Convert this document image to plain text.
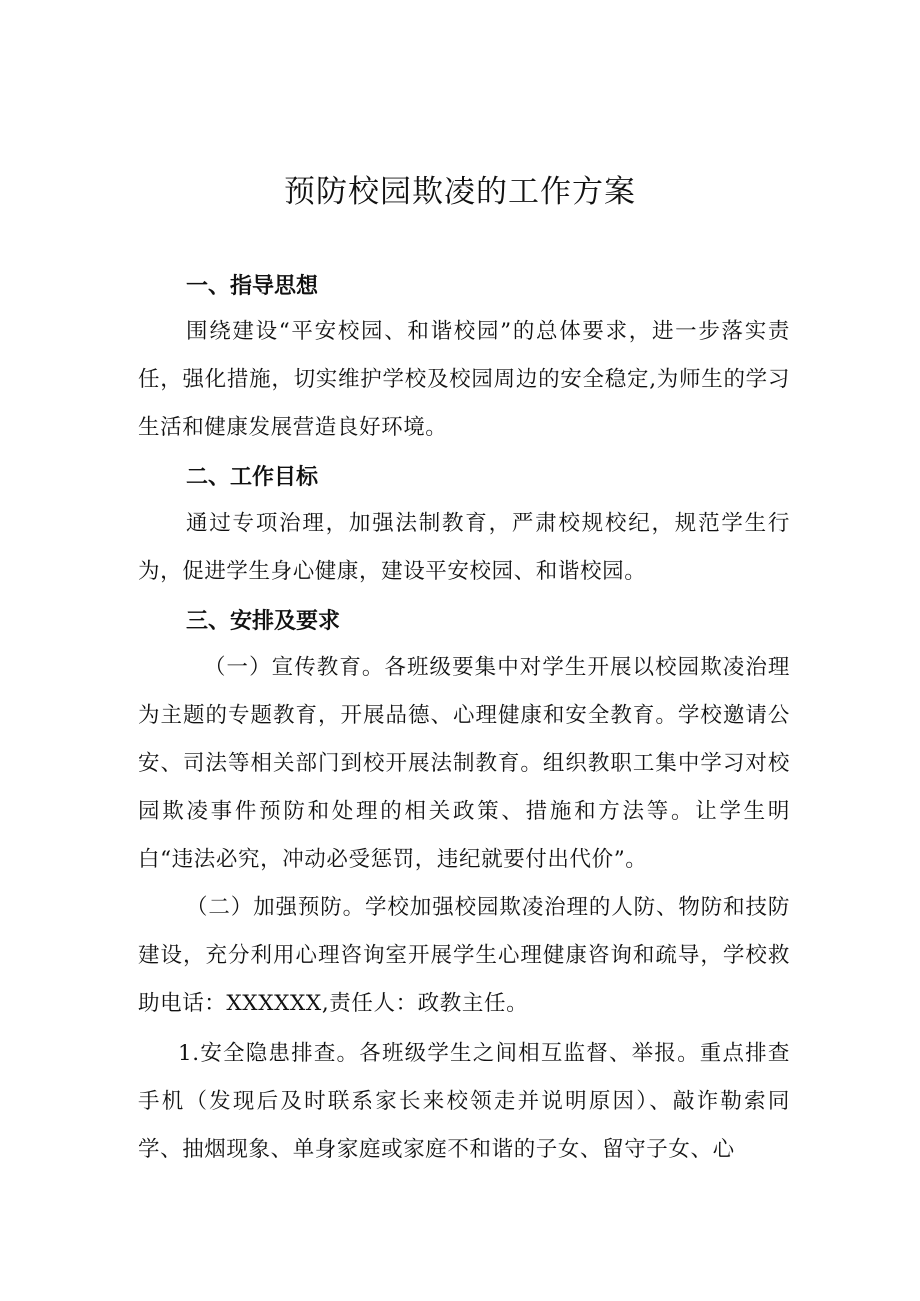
预防校园欺凌的工作方案
一、指导思想

围绕建设“平安校园、和谐校园”的总体要求，进一步落实责任，强化措施，切实维护学校及校园周边的安全稳定,为师生的学习生活和健康发展营造良好环境。

二、工作目标

通过专项治理，加强法制教育，严肃校规校纪，规范学生行为，促进学生身心健康，建设平安校园、和谐校园。

三、安排及要求

（一）宣传教育。各班级要集中对学生开展以校园欺凌治理为主题的专题教育，开展品德、心理健康和安全教育。学校邀请公安、司法等相关部门到校开展法制教育。组织教职工集中学习对校园欺凌事件预防和处理的相关政策、措施和方法等。让学生明白“违法必究，冲动必受惩罚，违纪就要付出代价”。

（二）加强预防。学校加强校园欺凌治理的人防、物防和技防建设，充分利用心理咨询室开展学生心理健康咨询和疏导，学校救助电话：XXXXXX,责任人：政教主任。

1.安全隐患排查。各班级学生之间相互监督、举报。重点排查手机（发现后及时联系家长来校领走并说明原因）、敲诈勒索同学、抽烟现象、单身家庭或家庭不和谐的子女、留守子女、心
